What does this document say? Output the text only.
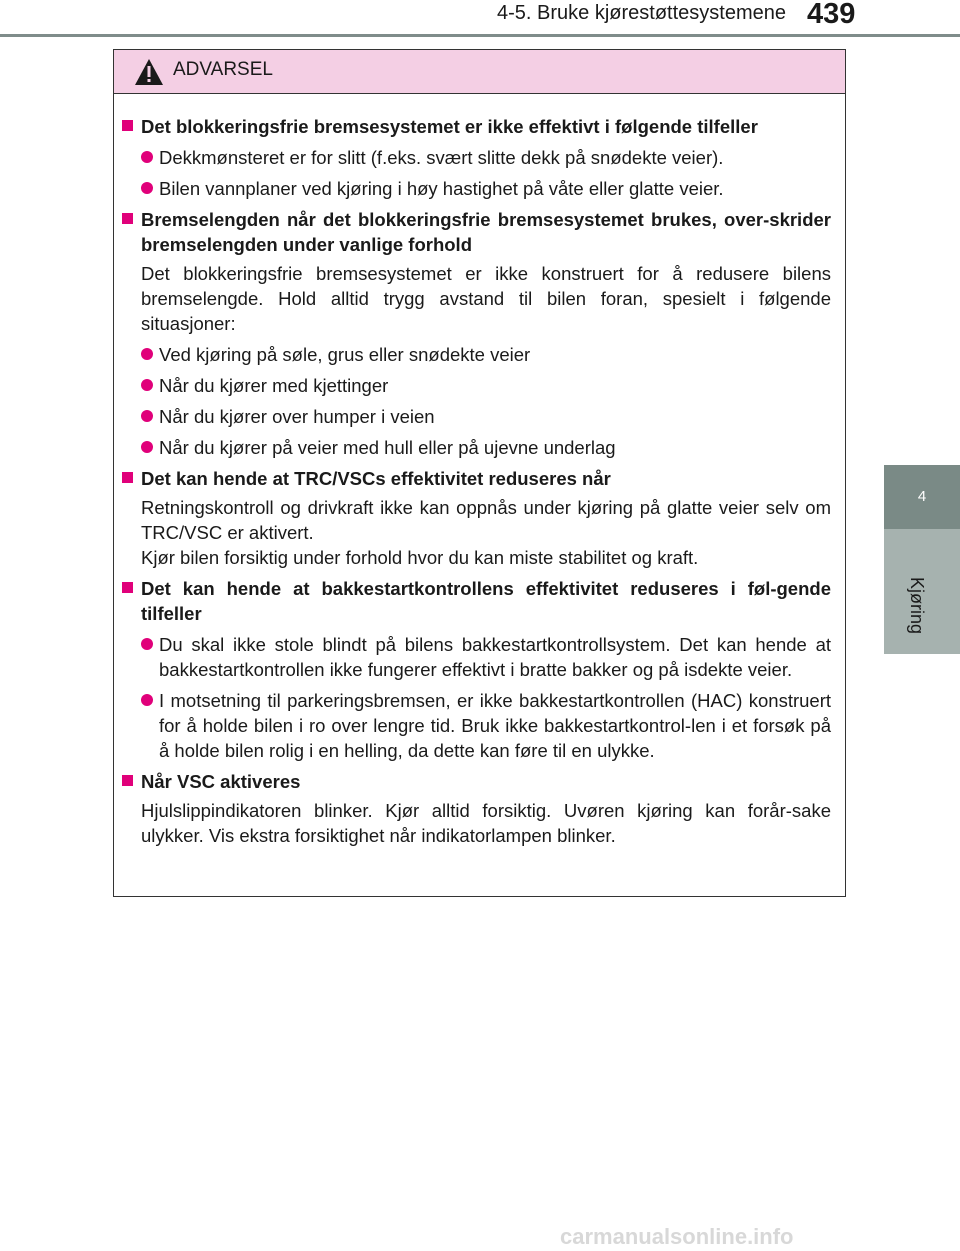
4-5. Bruke kjørestøttesystemene 439
4
Kjøring
ADVARSEL
Det blokkeringsfrie bremsesystemet er ikke effektivt i følgende tilfeller
Dekkmønsteret er for slitt (f.eks. svært slitte dekk på snødekte veier).
Bilen vannplaner ved kjøring i høy hastighet på våte eller glatte veier.
Bremselengden når det blokkeringsfrie bremsesystemet brukes, over-skrider bremselengden under vanlige forhold
Det blokkeringsfrie bremsesystemet er ikke konstruert for å redusere bilens bremselengde. Hold alltid trygg avstand til bilen foran, spesielt i følgende situasjoner:
Ved kjøring på søle, grus eller snødekte veier
Når du kjører med kjettinger
Når du kjører over humper i veien
Når du kjører på veier med hull eller på ujevne underlag
Det kan hende at TRC/VSCs effektivitet reduseres når
Retningskontroll og drivkraft ikke kan oppnås under kjøring på glatte veier selv om TRC/VSC er aktivert.
Kjør bilen forsiktig under forhold hvor du kan miste stabilitet og kraft.
Det kan hende at bakkestartkontrollens effektivitet reduseres i føl-gende tilfeller
Du skal ikke stole blindt på bilens bakkestartkontrollsystem. Det kan hende at bakkestartkontrollen ikke fungerer effektivt i bratte bakker og på isdekte veier.
I motsetning til parkeringsbremsen, er ikke bakkestartkontrollen (HAC) konstruert for å holde bilen i ro over lengre tid. Bruk ikke bakkestartkontrol-len i et forsøk på å holde bilen rolig i en helling, da dette kan føre til en ulykke.
Når VSC aktiveres
Hjulslippindikatoren blinker. Kjør alltid forsiktig. Uvøren kjøring kan forår-sake ulykker. Vis ekstra forsiktighet når indikatorlampen blinker.
carmanualsonline.info
